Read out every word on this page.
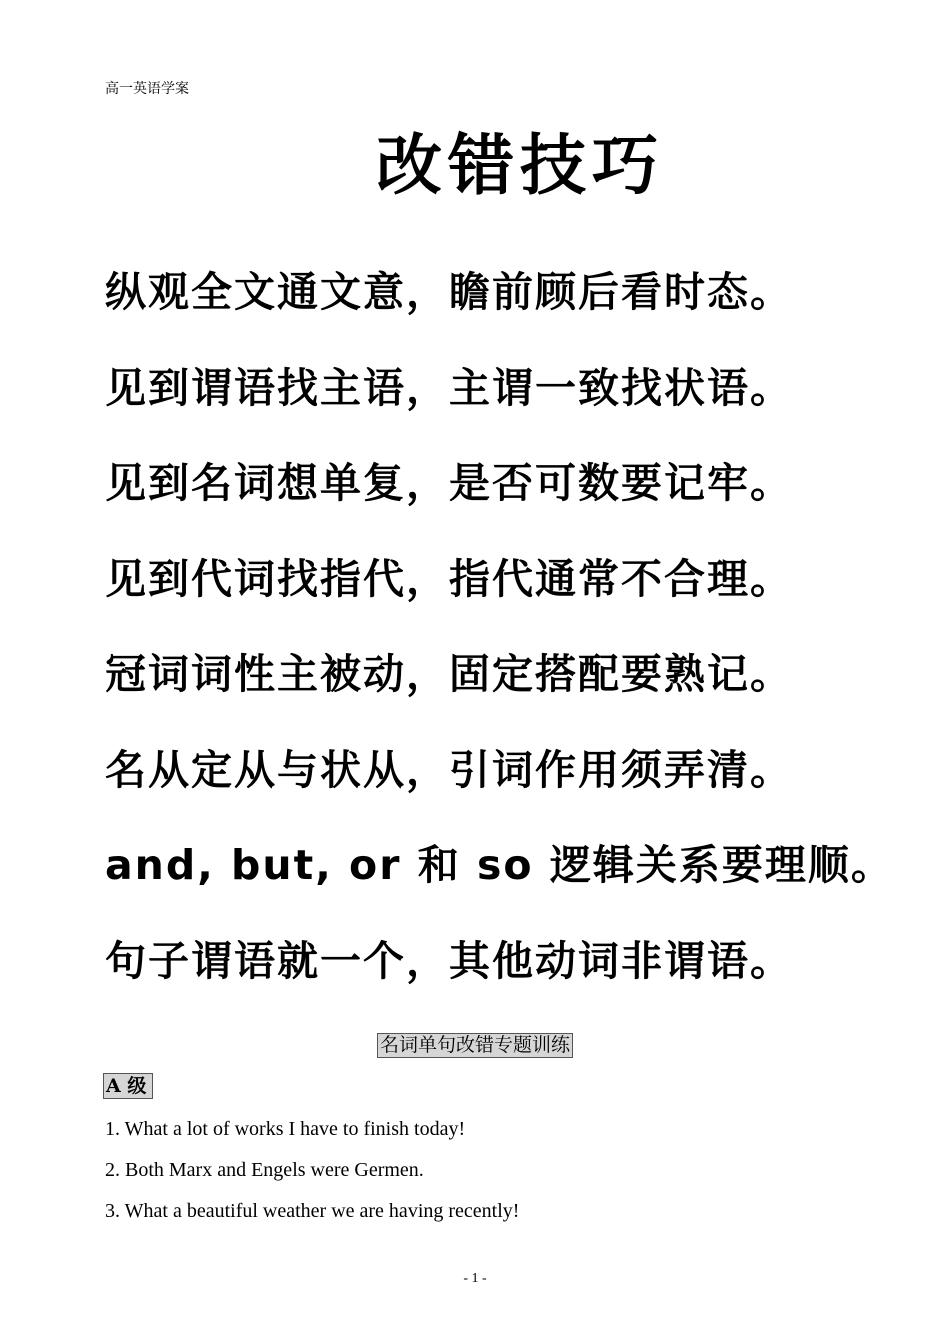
高一英语学案
改错技巧
纵观全文通文意，瞻前顾后看时态。
见到谓语找主语，主谓一致找状语。
见到名词想单复，是否可数要记牢。
见到代词找指代，指代通常不合理。
冠词词性主被动，固定搭配要熟记。
名从定从与状从，引词作用须弄清。
and, but, or 和 so 逻辑关系要理顺。
句子谓语就一个，其他动词非谓语。
名词单句改错专题训练
A 级
1. What a lot of works I have to finish today!
2. Both Marx and Engels were Germen.
3. What a beautiful weather we are having recently!
- 1 -
